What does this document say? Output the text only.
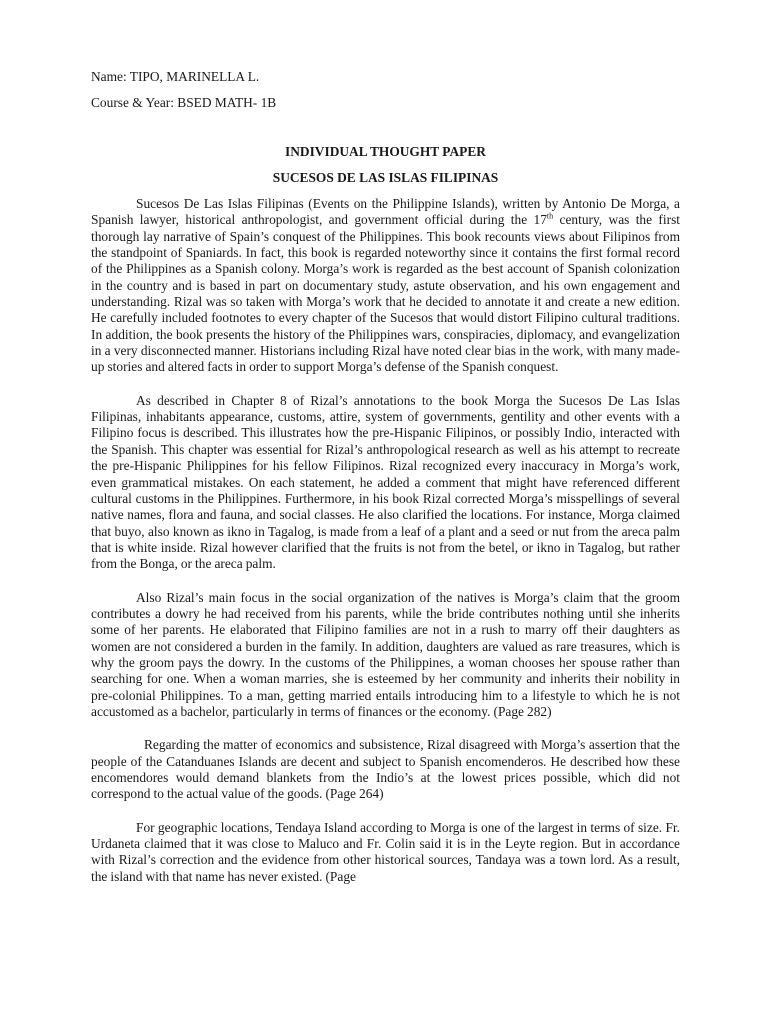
Name: TIPO, MARINELLA L.

Course & Year: BSED MATH- 1B

INDIVIDUAL THOUGHT PAPER

SUCESOS DE LAS ISLAS FILIPINAS

Sucesos De Las Islas Filipinas (Events on the Philippine Islands), written by Antonio De Morga, a Spanish lawyer, historical anthropologist, and government official during the 17th century, was the first thorough lay narrative of Spain’s conquest of the Philippines. This book recounts views about Filipinos from the standpoint of Spaniards. In fact, this book is regarded noteworthy since it contains the first formal record of the Philippines as a Spanish colony. Morga’s work is regarded as the best account of Spanish colonization in the country and is based in part on documentary study, astute observation, and his own engagement and understanding. Rizal was so taken with Morga’s work that he decided to annotate it and create a new edition. He carefully included footnotes to every chapter of the Sucesos that would distort Filipino cultural traditions. In addition, the book presents the history of the Philippines wars, conspiracies, diplomacy, and evangelization in a very disconnected manner. Historians including Rizal have noted clear bias in the work, with many made-up stories and altered facts in order to support Morga’s defense of the Spanish conquest.

As described in Chapter 8 of Rizal’s annotations to the book Morga the Sucesos De Las Islas Filipinas, inhabitants appearance, customs, attire, system of governments, gentility and other events with a Filipino focus is described. This illustrates how the pre-Hispanic Filipinos, or possibly Indio, interacted with the Spanish. This chapter was essential for Rizal’s anthropological research as well as his attempt to recreate the pre-Hispanic Philippines for his fellow Filipinos. Rizal recognized every inaccuracy in Morga’s work, even grammatical mistakes. On each statement, he added a comment that might have referenced different cultural customs in the Philippines. Furthermore, in his book Rizal corrected Morga’s misspellings of several native names, flora and fauna, and social classes. He also clarified the locations. For instance, Morga claimed that buyo, also known as ikno in Tagalog, is made from a leaf of a plant and a seed or nut from the areca palm that is white inside. Rizal however clarified that the fruits is not from the betel, or ikno in Tagalog, but rather from the Bonga, or the areca palm.

Also Rizal’s main focus in the social organization of the natives is Morga’s claim that the groom contributes a dowry he had received from his parents, while the bride contributes nothing until she inherits some of her parents. He elaborated that Filipino families are not in a rush to marry off their daughters as women are not considered a burden in the family. In addition, daughters are valued as rare treasures, which is why the groom pays the dowry. In the customs of the Philippines, a woman chooses her spouse rather than searching for one. When a woman marries, she is esteemed by her community and inherits their nobility in pre-colonial Philippines. To a man, getting married entails introducing him to a lifestyle to which he is not accustomed as a bachelor, particularly in terms of finances or the economy. (Page 282)

Regarding the matter of economics and subsistence, Rizal disagreed with Morga’s assertion that the people of the Catanduanes Islands are decent and subject to Spanish encomenderos. He described how these encomendores would demand blankets from the Indio’s at the lowest prices possible, which did not correspond to the actual value of the goods. (Page 264)

For geographic locations, Tendaya Island according to Morga is one of the largest in terms of size. Fr. Urdaneta claimed that it was close to Maluco and Fr. Colin said it is in the Leyte region. But in accordance with Rizal’s correction and the evidence from other historical sources, Tandaya was a town lord. As a result, the island with that name has never existed. (Page
